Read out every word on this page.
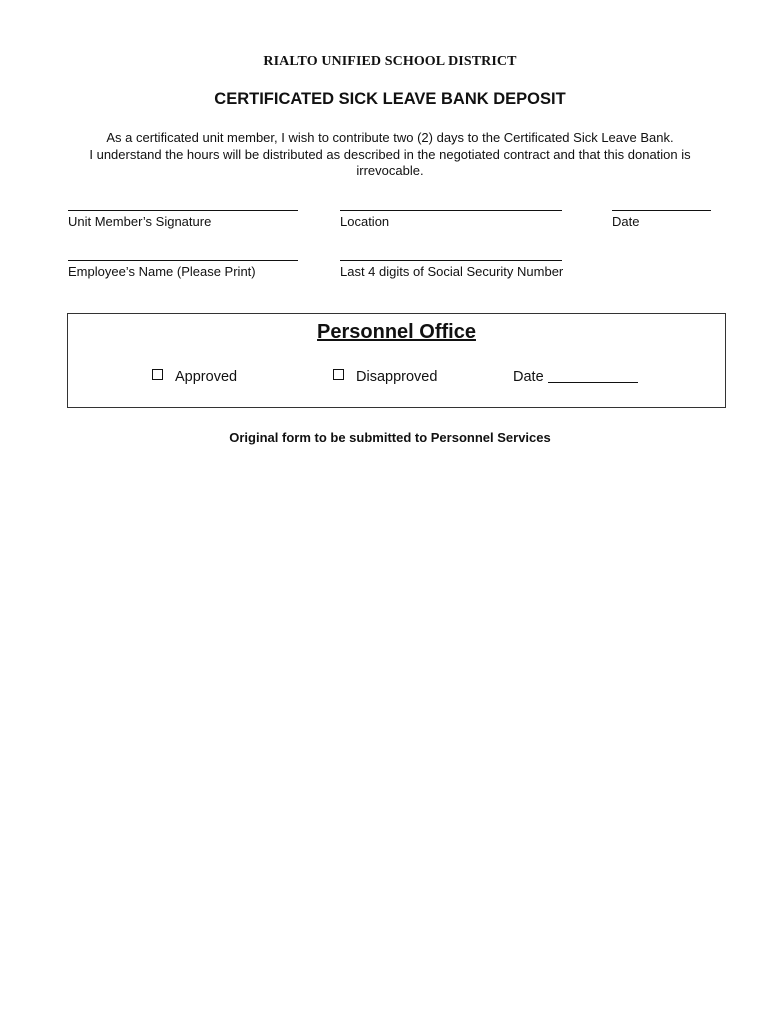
RIALTO UNIFIED SCHOOL DISTRICT
CERTIFICATED SICK LEAVE BANK DEPOSIT
As a certificated unit member, I wish to contribute two (2) days to the Certificated Sick Leave Bank.
I understand the hours will be distributed as described in the negotiated contract and that this donation is irrevocable.
Unit Member’s Signature	Location	Date
Employee’s Name (Please Print)	Last 4 digits of Social Security Number
Personnel Office
Approved	Disapproved	Date
Original form to be submitted to Personnel Services
